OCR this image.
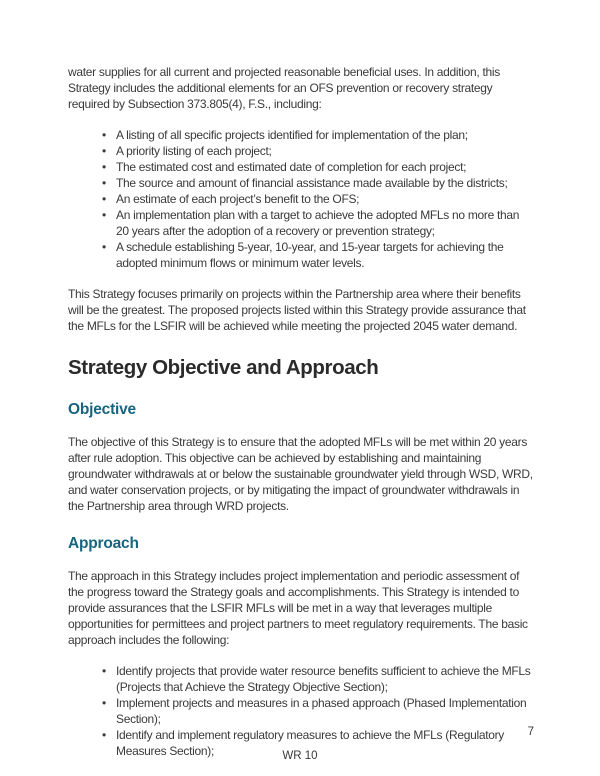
water supplies for all current and projected reasonable beneficial uses. In addition, this Strategy includes the additional elements for an OFS prevention or recovery strategy required by Subsection 373.805(4), F.S., including:

• A listing of all specific projects identified for implementation of the plan;
• A priority listing of each project;
• The estimated cost and estimated date of completion for each project;
• The source and amount of financial assistance made available by the districts;
• An estimate of each project’s benefit to the OFS;
• An implementation plan with a target to achieve the adopted MFLs no more than 20 years after the adoption of a recovery or prevention strategy;
• A schedule establishing 5-year, 10-year, and 15-year targets for achieving the adopted minimum flows or minimum water levels.

This Strategy focuses primarily on projects within the Partnership area where their benefits will be the greatest. The proposed projects listed within this Strategy provide assurance that the MFLs for the LSFIR will be achieved while meeting the projected 2045 water demand.

Strategy Objective and Approach
Objective

The objective of this Strategy is to ensure that the adopted MFLs will be met within 20 years after rule adoption. This objective can be achieved by establishing and maintaining groundwater withdrawals at or below the sustainable groundwater yield through WSD, WRD, and water conservation projects, or by mitigating the impact of groundwater withdrawals in the Partnership area through WRD projects.

Approach

The approach in this Strategy includes project implementation and periodic assessment of the progress toward the Strategy goals and accomplishments. This Strategy is intended to provide assurances that the LSFIR MFLs will be met in a way that leverages multiple opportunities for permittees and project partners to meet regulatory requirements. The basic approach includes the following:

• Identify projects that provide water resource benefits sufficient to achieve the MFLs (Projects that Achieve the Strategy Objective Section);
• Implement projects and measures in a phased approach (Phased Implementation Section);
• Identify and implement regulatory measures to achieve the MFLs (Regulatory Measures Section);
7
WR 10
